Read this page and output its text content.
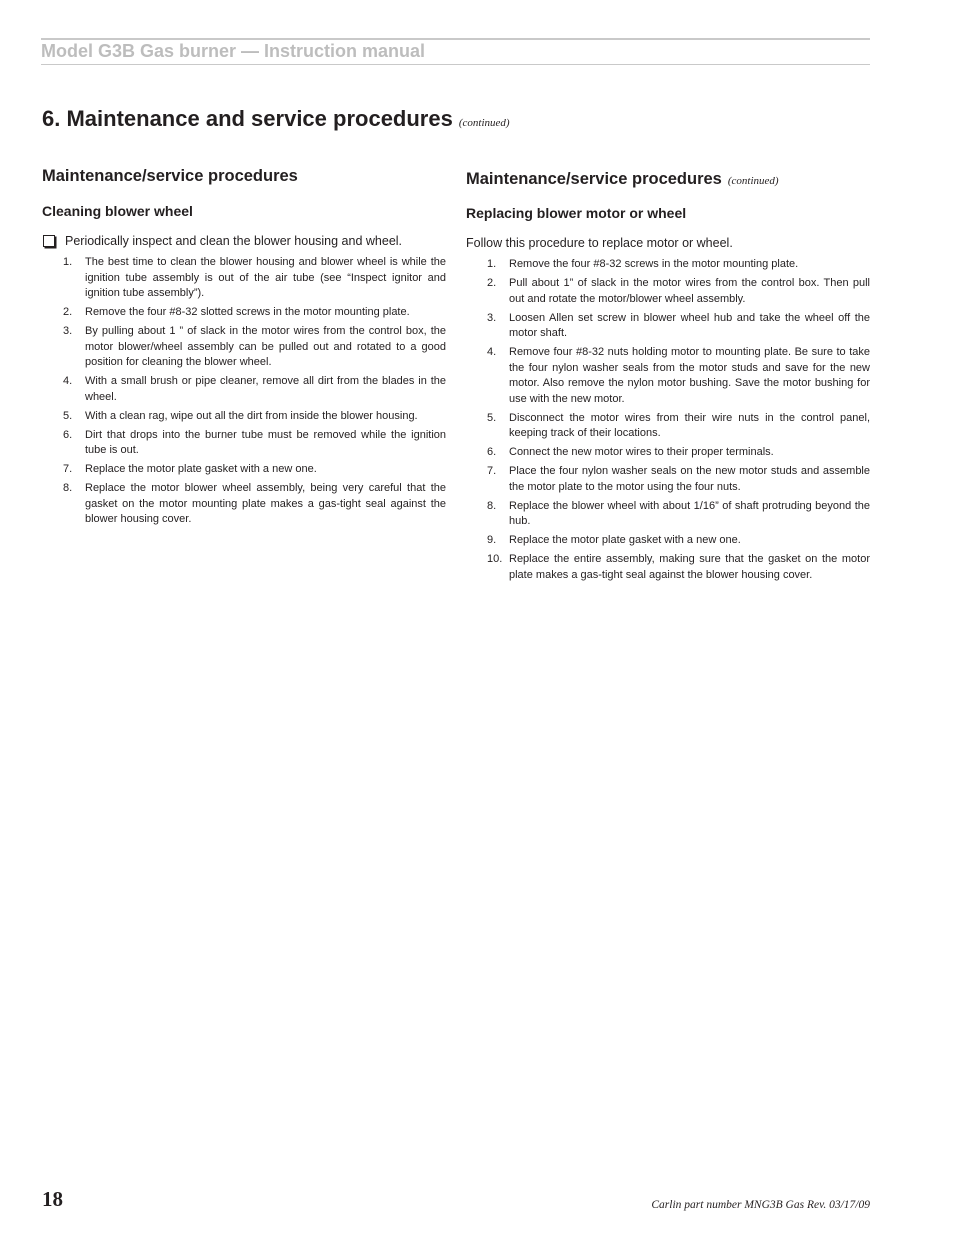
Model G3B Gas burner — Instruction manual
6. Maintenance and service procedures (continued)
Maintenance/service procedures
Cleaning blower wheel
Periodically inspect and clean the blower housing and wheel.
1.	The best time to clean the blower housing and blower wheel is while the ignition tube assembly is out of the air tube (see “Inspect ignitor and ignition tube assembly”).
2.	Remove the four #8-32 slotted screws in the motor mounting plate.
3.	By pulling about 1 ” of slack in the motor wires from the control box, the motor blower/wheel assembly can be pulled out and rotated to a good position for cleaning the blower wheel.
4.	With a small brush or pipe cleaner, remove all dirt from the blades in the wheel.
5.	With a clean rag, wipe out all the dirt from inside the blower housing.
6.	Dirt that drops into the burner tube must be removed while the ignition tube is out.
7.	Replace the motor plate gasket with a new one.
8.	Replace the motor blower wheel assembly, being very careful that the gasket on the motor mounting plate makes a gas-tight seal against the blower housing cover.
Maintenance/service procedures (continued)
Replacing blower motor or wheel
Follow this procedure to replace motor or wheel.
1.	Remove the four #8-32 screws in the motor mounting plate.
2.	Pull about 1” of slack in the motor wires from the control box. Then pull out and rotate the motor/blower wheel assembly.
3.	Loosen Allen set screw in blower wheel hub and take the wheel off the motor shaft.
4.	Remove four #8-32 nuts holding motor to mounting plate. Be sure to take the four nylon washer seals from the motor studs and save for the new motor. Also remove the nylon motor bushing. Save the motor bushing for use with the new motor.
5.	Disconnect the motor wires from their wire nuts in the control panel, keeping track of their locations.
6.	Connect the new motor wires to their proper terminals.
7.	Place the four nylon washer seals on the new motor studs and assemble the motor plate to the motor using the four nuts.
8.	Replace the blower wheel with about 1/16” of shaft protruding beyond the hub.
9.	Replace the motor plate gasket with a new one.
10. Replace the entire assembly, making sure that the gasket on the motor plate makes a gas-tight seal against the blower housing cover.
18	Carlin part number MNG3B Gas Rev. 03/17/09
